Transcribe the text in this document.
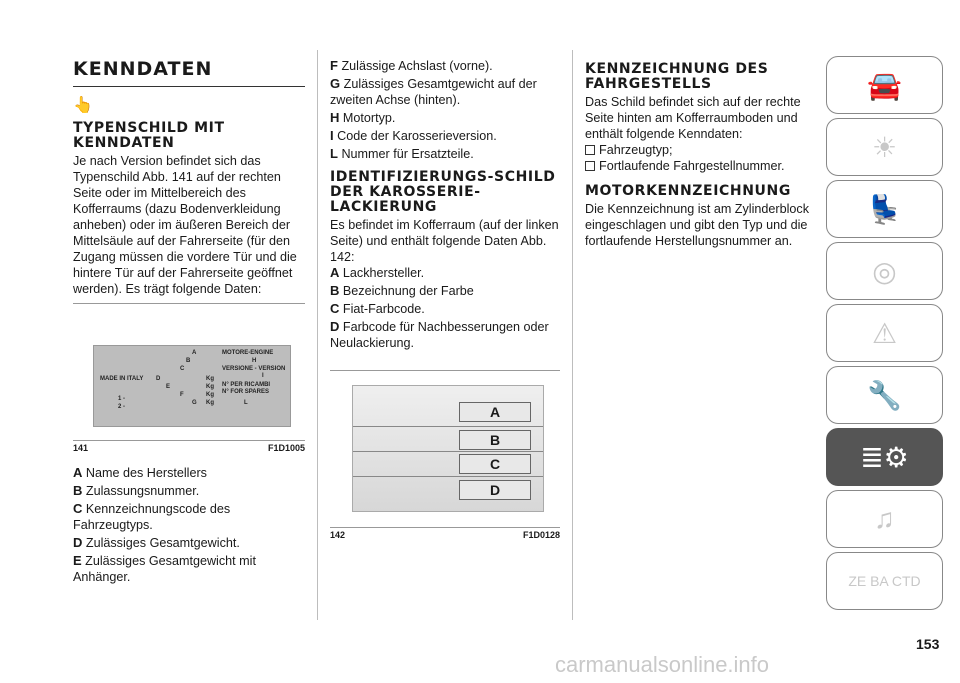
KENNDATEN
👆
TYPENSCHILD MIT KENNDATEN

Je nach Version befindet sich das Typenschild Abb. 141 auf der rechten Seite oder im Mittelbereich des Kofferraums (dazu Bodenverkleidung anheben) oder im äußeren Bereich der Mittelsäule auf der Fahrerseite (für den Zugang müssen die vordere Tür und die hintere Tür auf der Fahrerseite geöffnet werden). Es trägt folgende Daten:

MADE IN ITALY
1 -
2 -
A
B
C
D
E
F
G
H
I
L
MOTORE-ENGINE
VERSIONE - VERSION
N° PER RICAMBI
N° FOR SPARES
Kg
Kg
Kg
Kg
141	F1D1005
A Name des Herstellers
B Zulassungsnummer.
C Kennzeichnungscode des Fahrzeugtyps.
D Zulässiges Gesamtgewicht.
E Zulässiges Gesamtgewicht mit Anhänger.
F Zulässige Achslast (vorne).
G Zulässiges Gesamtgewicht auf der zweiten Achse (hinten).
H Motortyp.
I Code der Karosserieversion.
L Nummer für Ersatzteile.
IDENTIFIZIERUNGS-SCHILD DER KAROSSERIE-LACKIERUNG

Es befindet im Kofferraum (auf der linken Seite) und enthält folgende Daten Abb. 142:

A Lackhersteller.
B Bezeichnung der Farbe
C Fiat-Farbcode.
D Farbcode für Nachbesserungen oder Neulackierung.
A
B
C
D
142	F1D0128
KENNZEICHNUNG DES FAHRGESTELLS

Das Schild befindet sich auf der rechte Seite hinten am Kofferraumboden und enthält folgende Kenndaten:

Fahrzeugtyp;
Fortlaufende Fahrgestellnummer.
MOTORKENNZEICHNUNG

Die Kennzeichnung ist am Zylinderblock eingeschlagen und gibt den Typ und die fortlaufende Herstellungsnummer an.

🚘
☀
💺
◎
⚠
🔧
≣⚙
♫
ZE BA CTD
153
carmanualsonline.info
